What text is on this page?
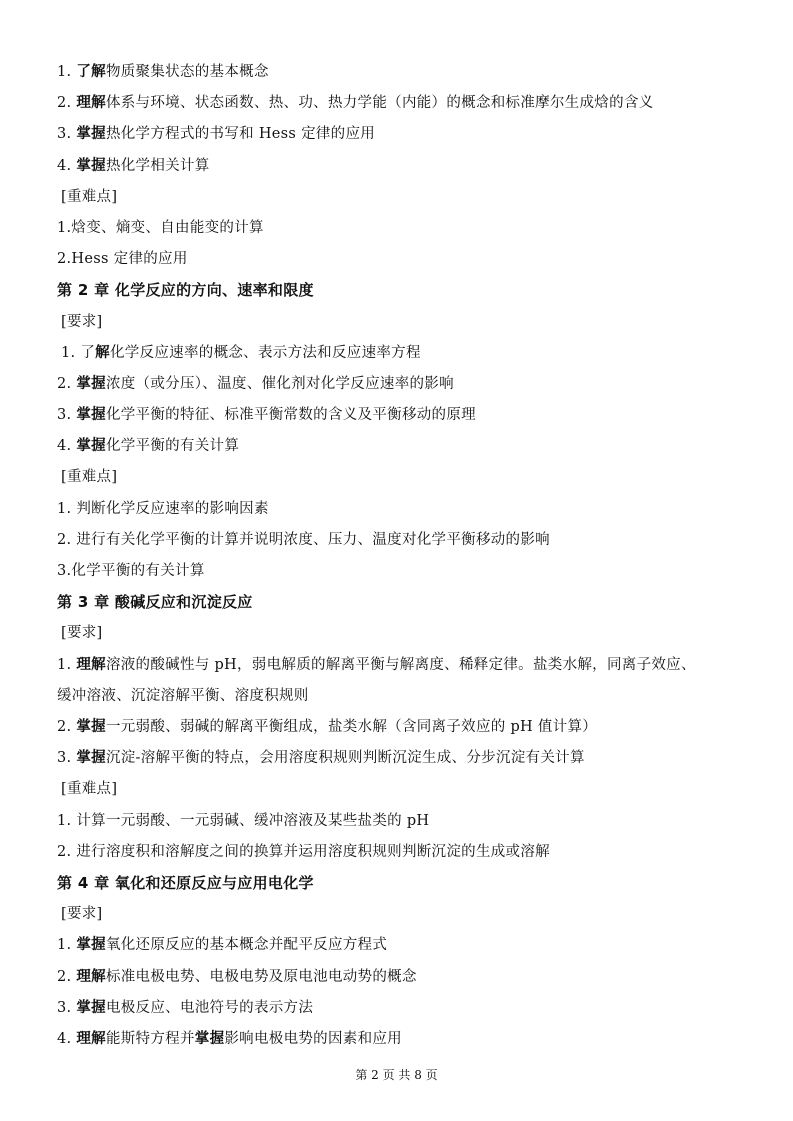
1. 了解物质聚集状态的基本概念
2. 理解体系与环境、状态函数、热、功、热力学能（内能）的概念和标准摩尔生成焓的含义
3. 掌握热化学方程式的书写和 Hess 定律的应用
4. 掌握热化学相关计算
[重难点]
1.焓变、熵变、自由能变的计算
2.Hess 定律的应用
第 2 章 化学反应的方向、速率和限度
[要求]
1. 了解化学反应速率的概念、表示方法和反应速率方程
2. 掌握浓度（或分压）、温度、催化剂对化学反应速率的影响
3. 掌握化学平衡的特征、标准平衡常数的含义及平衡移动的原理
4. 掌握化学平衡的有关计算
[重难点]
1. 判断化学反应速率的影响因素
2. 进行有关化学平衡的计算并说明浓度、压力、温度对化学平衡移动的影响
3.化学平衡的有关计算
第 3 章 酸碱反应和沉淀反应
[要求]
1. 理解溶液的酸碱性与 pH，弱电解质的解离平衡与解离度、稀释定律。盐类水解，同离子效应、
缓冲溶液、沉淀溶解平衡、溶度积规则
2. 掌握一元弱酸、弱碱的解离平衡组成，盐类水解（含同离子效应的 pH 值计算）
3. 掌握沉淀-溶解平衡的特点，会用溶度积规则判断沉淀生成、分步沉淀有关计算
[重难点]
1. 计算一元弱酸、一元弱碱、缓冲溶液及某些盐类的 pH
2. 进行溶度积和溶解度之间的换算并运用溶度积规则判断沉淀的生成或溶解
第 4 章 氧化和还原反应与应用电化学
[要求]
1. 掌握氧化还原反应的基本概念并配平反应方程式
2. 理解标准电极电势、电极电势及原电池电动势的概念
3. 掌握电极反应、电池符号的表示方法
4. 理解能斯特方程并掌握影响电极电势的因素和应用
第 2 页 共 8 页
